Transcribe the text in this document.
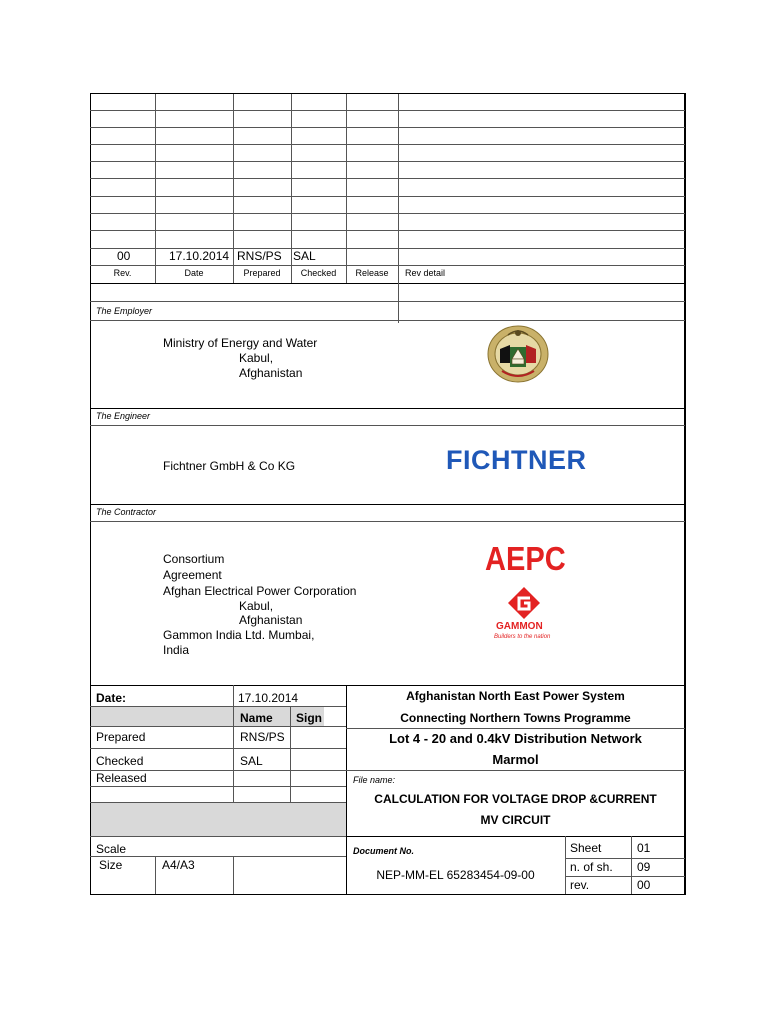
00	17.10.2014 RNS/PS SAL
Rev.	Date	Prepared	Checked	Release	Rev detail
The Employer
Ministry of Energy and Water
Kabul,
Afghanistan
The Engineer
Fichtner GmbH & Co KG	FICHTNER
The Contractor
Consortium
Agreement
Afghan Electrical Power Corporation
Kabul,
Afghanistan
Gammon India Ltd. Mumbai,
India
AEPC
GAMMON
Builders to the nation
Date:	17.10.2014
Name Sign
Prepared	RNS/PS
Checked	SAL
Released
Scale
Size	A4/A3
Afghanistan North East Power System
Connecting Northern Towns Programme
Lot 4 - 20 and 0.4kV Distribution Network
Marmol
File name:
CALCULATION FOR VOLTAGE DROP &CURRENT
MV CIRCUIT
Document No.
NEP-MM-EL 65283454-09-00
Sheet	01
n. of sh. 09
rev.	00
